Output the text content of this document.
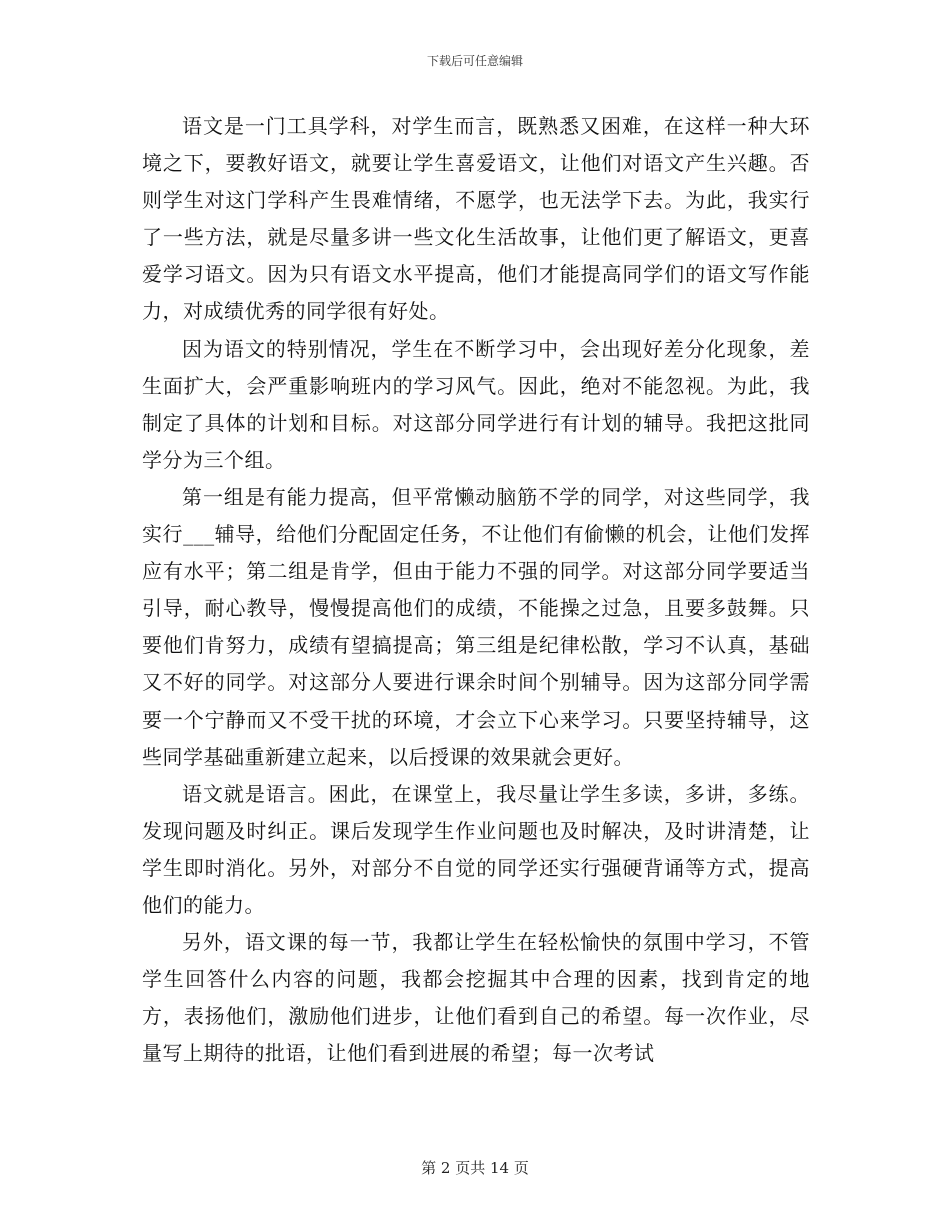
下载后可任意编辑

语文是一门工具学科，对学生而言，既熟悉又困难，在这样一种大环境之下，要教好语文，就要让学生喜爱语文，让他们对语文产生兴趣。否则学生对这门学科产生畏难情绪，不愿学，也无法学下去。为此，我实行了一些方法，就是尽量多讲一些文化生活故事，让他们更了解语文，更喜爱学习语文。因为只有语文水平提高，他们才能提高同学们的语文写作能力，对成绩优秀的同学很有好处。

因为语文的特别情况，学生在不断学习中，会出现好差分化现象，差生面扩大，会严重影响班内的学习风气。因此，绝对不能忽视。为此，我制定了具体的计划和目标。对这部分同学进行有计划的辅导。我把这批同学分为三个组。

第一组是有能力提高，但平常懒动脑筋不学的同学，对这些同学，我实行___辅导，给他们分配固定任务，不让他们有偷懒的机会，让他们发挥应有水平；第二组是肯学，但由于能力不强的同学。对这部分同学要适当引导，耐心教导，慢慢提高他们的成绩，不能操之过急，且要多鼓舞。只要他们肯努力，成绩有望搞提高；第三组是纪律松散，学习不认真，基础又不好的同学。对这部分人要进行课余时间个别辅导。因为这部分同学需要一个宁静而又不受干扰的环境，才会立下心来学习。只要坚持辅导，这些同学基础重新建立起来，以后授课的效果就会更好。

语文就是语言。困此，在课堂上，我尽量让学生多读，多讲，多练。发现问题及时纠正。课后发现学生作业问题也及时解决，及时讲清楚，让学生即时消化。另外，对部分不自觉的同学还实行强硬背诵等方式，提高他们的能力。

另外，语文课的每一节，我都让学生在轻松愉快的氛围中学习，不管学生回答什么内容的问题，我都会挖掘其中合理的因素，找到肯定的地方，表扬他们，激励他们进步，让他们看到自己的希望。每一次作业，尽量写上期待的批语，让他们看到进展的希望；每一次考试

第 2 页共 14 页
